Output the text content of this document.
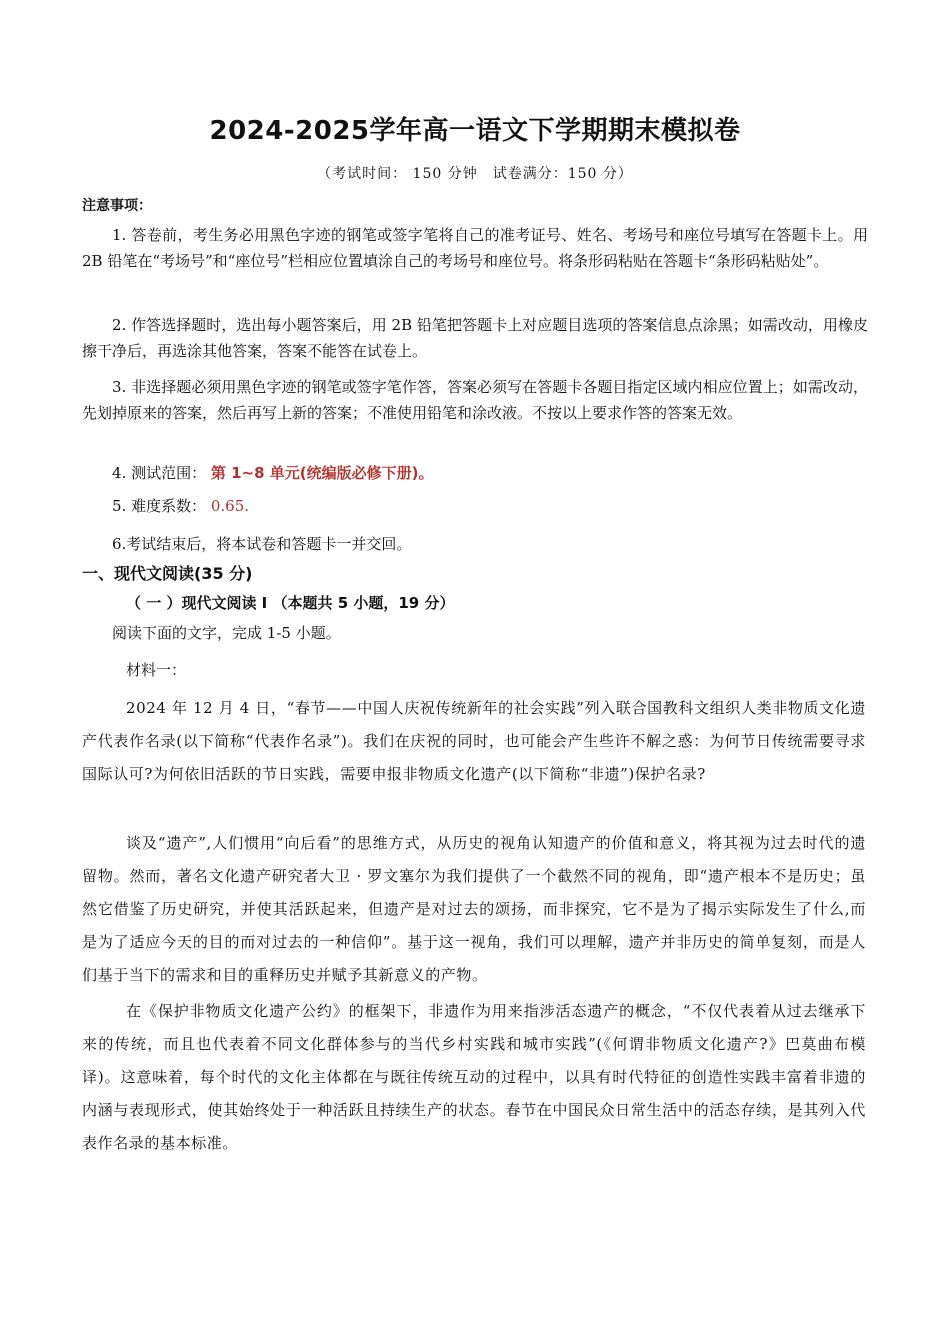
2024-2025学年高一语文下学期期末模拟卷
（考试时间： 150 分钟　试卷满分：150 分）
注意事项：
1. 答卷前，考生务必用黑色字迹的钢笔或签字笔将自己的准考证号、姓名、考场号和座位号填写在答题卡上。用 2B 铅笔在“考场号”和“座位号”栏相应位置填涂自己的考场号和座位号。将条形码粘贴在答题卡“条形码粘贴处”。
2. 作答选择题时，选出每小题答案后，用 2B 铅笔把答题卡上对应题目选项的答案信息点涂黑；如需改动，用橡皮擦干净后，再选涂其他答案，答案不能答在试卷上。
3. 非选择题必须用黑色字迹的钢笔或签字笔作答，答案必须写在答题卡各题目指定区域内相应位置上；如需改动，先划掉原来的答案，然后再写上新的答案；不准使用铅笔和涂改液。不按以上要求作答的答案无效。
4. 测试范围： 第 1~8 单元(统编版必修下册)。
5. 难度系数： 0.65.
6.考试结束后，将本试卷和答题卡一并交回。
一、现代文阅读(35 分)
（ 一 ）现代文阅读 I （本题共 5 小题，19 分）
阅读下面的文字，完成 1-5 小题。
材料一：
2024 年 12 月 4 日，“春节——中国人庆祝传统新年的社会实践”列入联合国教科文组织人类非物质文化遗产代表作名录(以下简称“代表作名录”)。我们在庆祝的同时，也可能会产生些许不解之惑：为何节日传统需要寻求国际认可?为何依旧活跃的节日实践，需要申报非物质文化遗产(以下简称“非遗”)保护名录?
谈及“遗产”,人们惯用“向后看”的思维方式，从历史的视角认知遗产的价值和意义，将其视为过去时代的遗留物。然而，著名文化遗产研究者大卫 · 罗文塞尔为我们提供了一个截然不同的视角，即“遗产根本不是历史；虽然它借鉴了历史研究，并使其活跃起来，但遗产是对过去的颂扬，而非探究，它不是为了揭示实际发生了什么,而是为了适应今天的目的而对过去的一种信仰”。基于这一视角，我们可以理解，遗产并非历史的简单复刻，而是人们基于当下的需求和目的重释历史并赋予其新意义的产物。
在《保护非物质文化遗产公约》的框架下，非遗作为用来指涉活态遗产的概念，“不仅代表着从过去继承下来的传统，而且也代表着不同文化群体参与的当代乡村实践和城市实践”(《何谓非物质文化遗产?》巴莫曲布模译)。这意味着，每个时代的文化主体都在与既往传统互动的过程中，以具有时代特征的创造性实践丰富着非遗的内涵与表现形式，使其始终处于一种活跃且持续生产的状态。春节在中国民众日常生活中的活态存续，是其列入代表作名录的基本标准。
